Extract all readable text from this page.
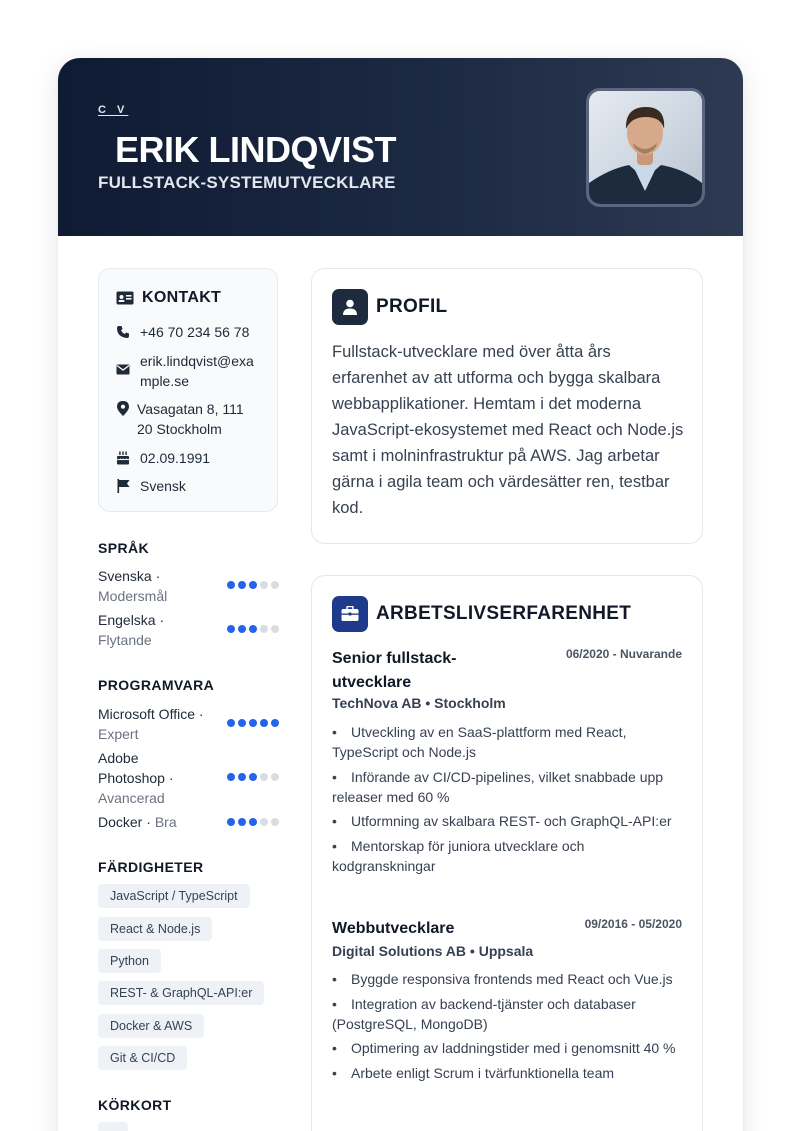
C V
ERIK LINDQVIST
FULLSTACK-SYSTEMUTVECKLARE
KONTAKT
+46 70 234 56 78
erik.lindqvist@example.se
Vasagatan 8, 111 20 Stockholm
02.09.1991
Svensk
SPRÅK
Svenska · Modersmål
Engelska · Flytande
PROGRAMVARA
Microsoft Office · Expert
Adobe Photoshop · Avancerad
Docker · Bra
FÄRDIGHETER
JavaScript / TypeScript
React & Node.js
Python
REST- & GraphQL-API:er
Docker & AWS
Git & CI/CD
KÖRKORT
PROFIL
Fullstack-utvecklare med över åtta års erfarenhet av att utforma och bygga skalbara webbapplikationer. Hemtam i det moderna JavaScript-ekosystemet med React och Node.js samt i molninfrastruktur på AWS. Jag arbetar gärna i agila team och värdesätter ren, testbar kod.
ARBETSLIVSERFARENHET
Senior fullstack-utvecklare
06/2020 - Nuvarande
TechNova AB • Stockholm
• Utveckling av en SaaS-plattform med React, TypeScript och Node.js
• Införande av CI/CD-pipelines, vilket snabbade upp releaser med 60 %
• Utformning av skalbara REST- och GraphQL-API:er
• Mentorskap för juniora utvecklare och kodgranskningar
Webbutvecklare	09/2016 - 05/2020
Digital Solutions AB • Uppsala
• Byggde responsiva frontends med React och Vue.js
• Integration av backend-tjänster och databaser (PostgreSQL, MongoDB)
• Optimering av laddningstider med i genomsnitt 40 %
• Arbete enligt Scrum i tvärfunktionella team
